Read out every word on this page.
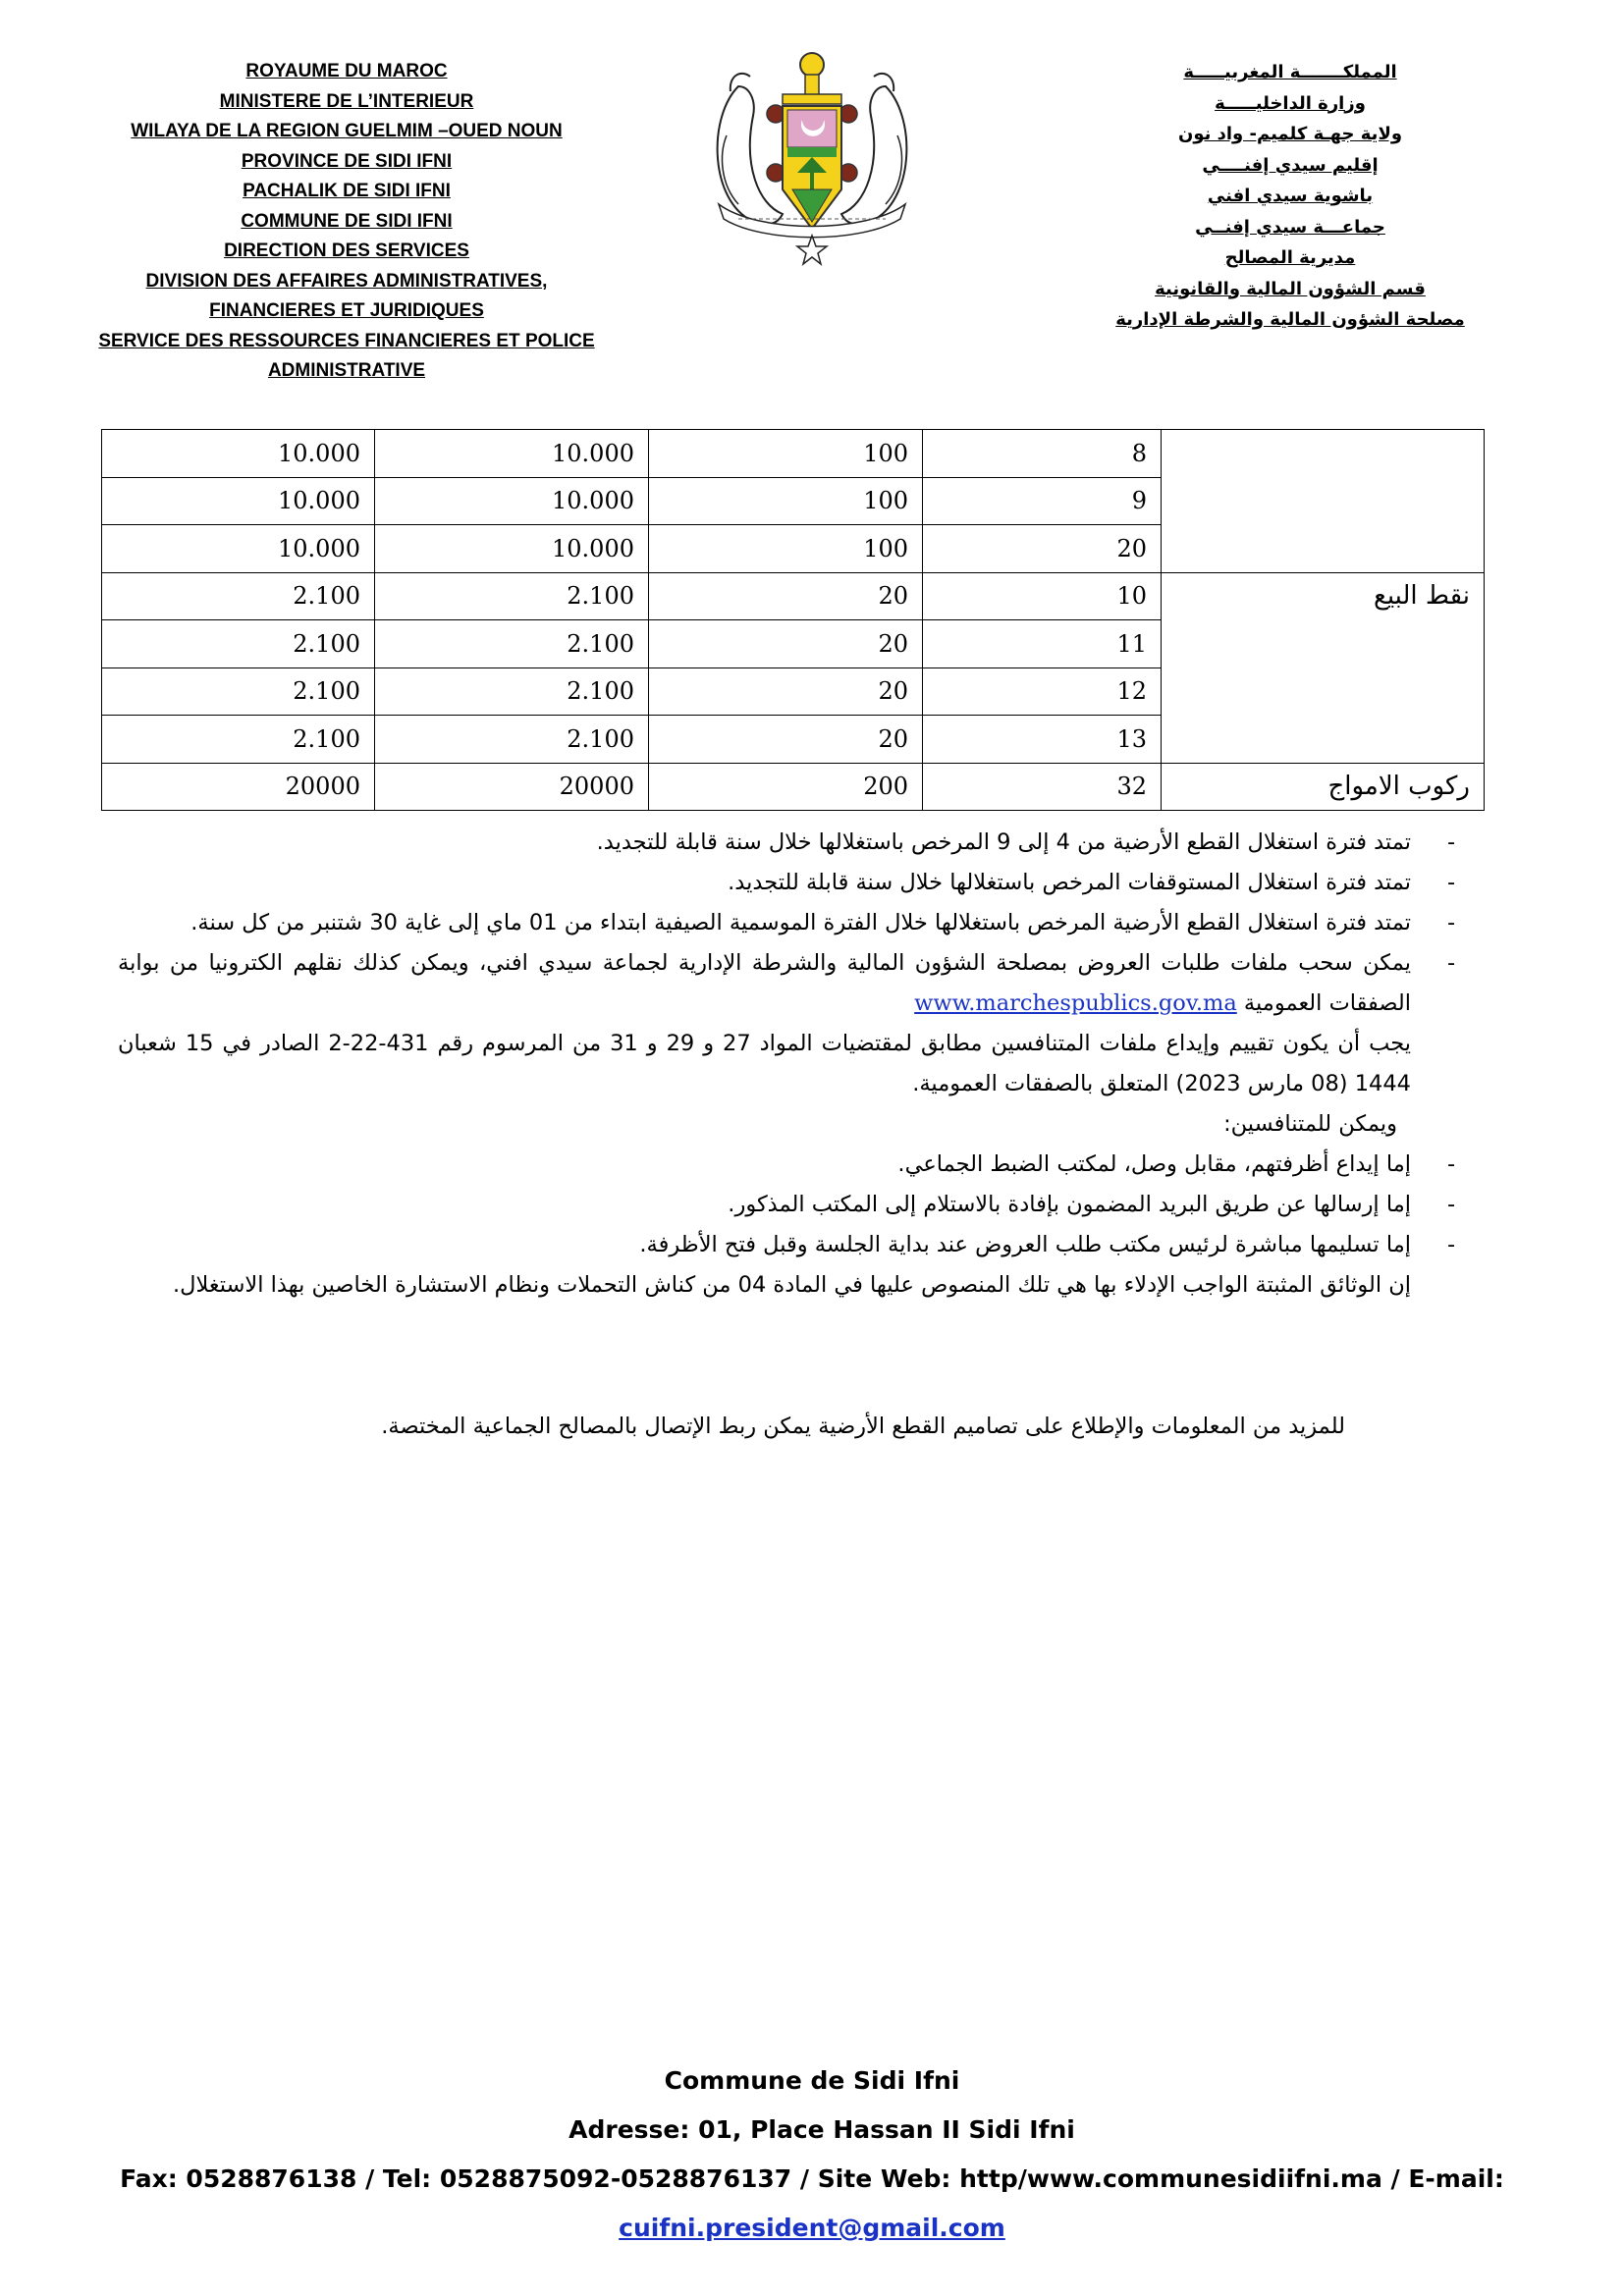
ROYAUME DU MAROC
MINISTERE DE L’INTERIEUR
WILAYA DE LA REGION GUELMIM –OUED NOUN
PROVINCE DE SIDI IFNI
PACHALIK DE SIDI IFNI
COMMUNE DE SIDI IFNI
DIRECTION DES SERVICES
DIVISION DES AFFAIRES ADMINISTRATIVES,
FINANCIERES ET JURIDIQUES
SERVICE DES RESSOURCES FINANCIERES ET POLICE
ADMINISTRATIVE
المملكـــــــة المغربيـــــة
وزارة الداخليـــــة
ولاية جهـة كلميم- واد نون
إقليم سيدي إفنــــي
باشوية سيدي افني
جماعـــة سيدي إفنــي
مديرية المصالح
قسم الشؤون المالية والقانونية
مصلحة الشؤون المالية والشرطة الإدارية
10.000	10.000	100	8	
10.000	10.000	100	9	
10.000	10.000	100	20	
2.100	2.100	20	10	نقط البيع
2.100	2.100	20	11	
2.100	2.100	20	12	
2.100	2.100	20	13	
20000	20000	200	32	ركوب الامواج
-
تمتد فترة استغلال القطع الأرضية من 4 إلى 9 المرخص باستغلالها خلال سنة قابلة للتجديد.
-
تمتد فترة استغلال المستوقفات المرخص باستغلالها خلال سنة قابلة للتجديد.
-
تمتد فترة استغلال القطع الأرضية المرخص باستغلالها خلال الفترة الموسمية الصيفية ابتداء من 01 ماي إلى غاية 30 شتنبر من كل سنة.
-
يمكن سحب ملفات طلبات العروض بمصلحة الشؤون المالية والشرطة الإدارية لجماعة سيدي افني، ويمكن كذلك نقلهم الكترونيا من بوابة الصفقات العمومية www.marchespublics.gov.ma
يجب أن يكون تقييم وإيداع ملفات المتنافسين مطابق لمقتضيات المواد 27 و 29 و 31 من المرسوم رقم 431-22-2 الصادر في 15 شعبان 1444 (08 مارس 2023) المتعلق بالصفقات العمومية.
ويمكن للمتنافسين:
-
إما إيداع أظرفتهم، مقابل وصل، لمكتب الضبط الجماعي.
-
إما إرسالها عن طريق البريد المضمون بإفادة بالاستلام إلى المكتب المذكور.
-
إما تسليمها مباشرة لرئيس مكتب طلب العروض عند بداية الجلسة وقبل فتح الأظرفة.
إن الوثائق المثبتة الواجب الإدلاء بها هي تلك المنصوص عليها في المادة 04 من كناش التحملات ونظام الاستشارة الخاصين بهذا الاستغلال.
للمزيد من المعلومات والإطلاع على تصاميم القطع الأرضية يمكن ربط الإتصال بالمصالح الجماعية المختصة.
Commune de Sidi Ifni
Adresse: 01, Place Hassan II Sidi Ifni
Fax: 0528876138 / Tel: 0528875092-0528876137 / Site Web: http/www.communesidiifni.ma / E-mail:
cuifni.president@gmail.com
